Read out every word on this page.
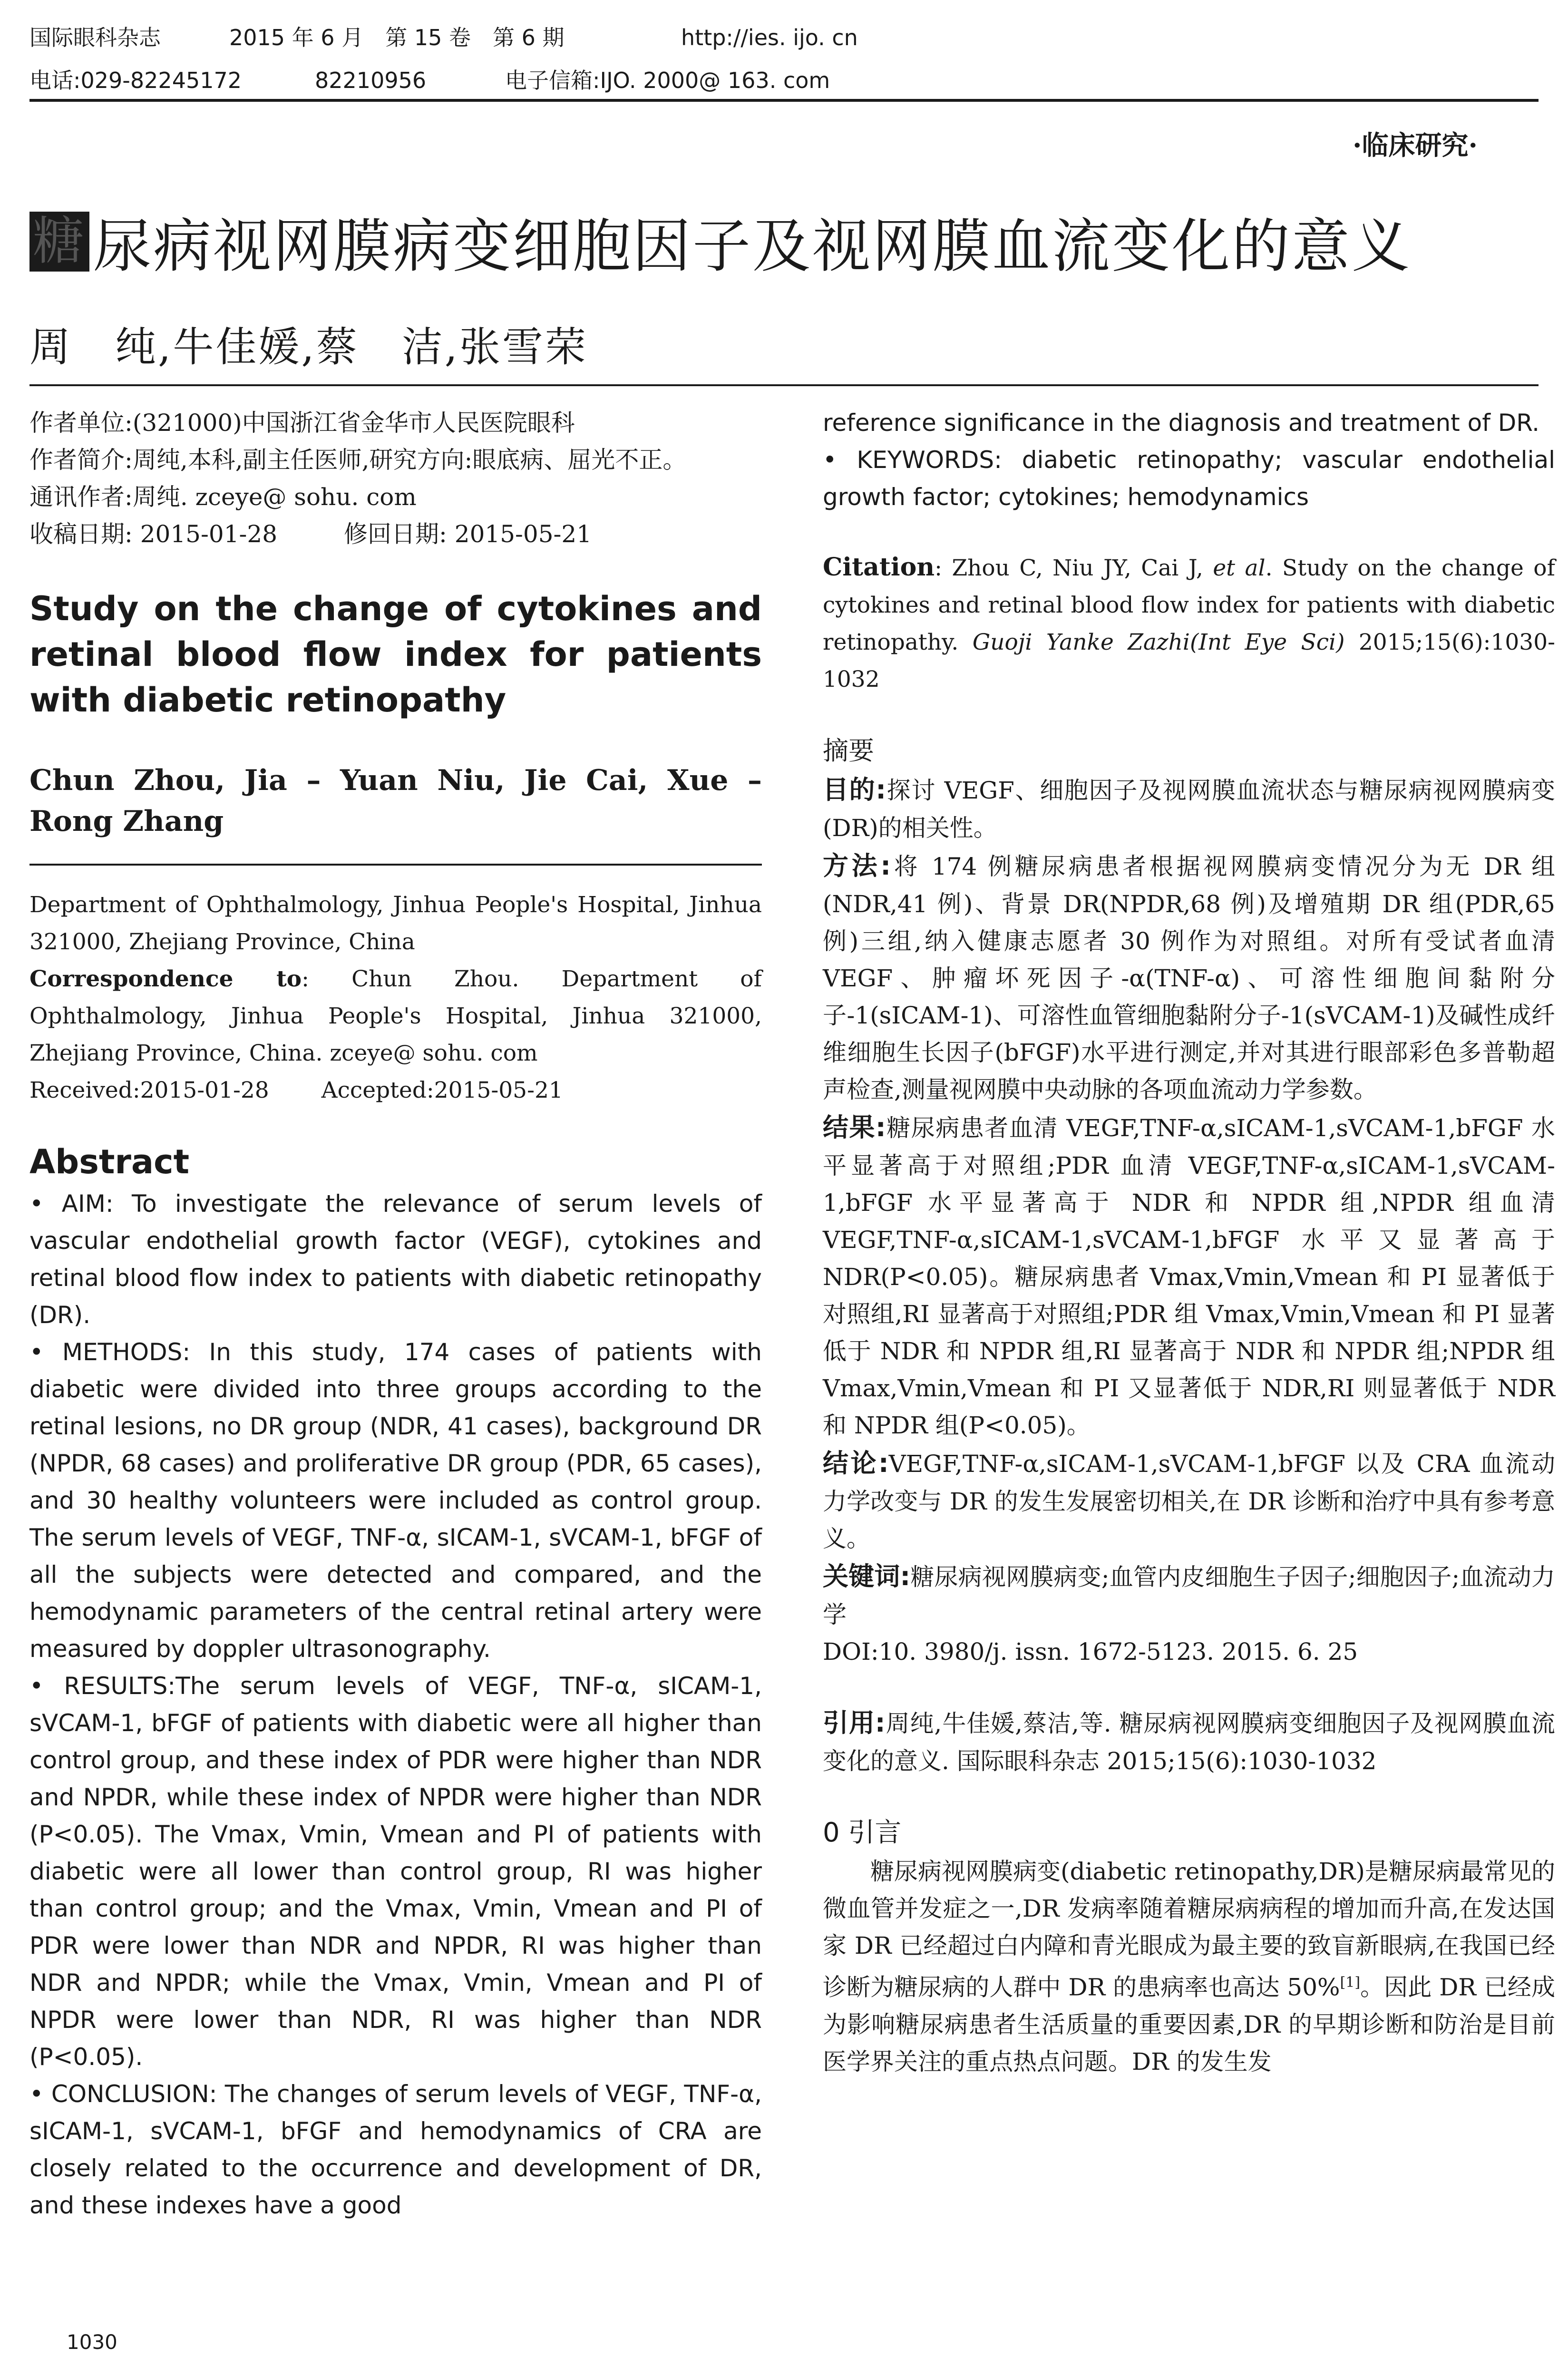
国际眼科杂志	2015 年 6 月　第 15 卷　第 6 期	http://ies. ijo. cn
电话:029-82245172	82210956	电子信箱:IJO. 2000@ 163. com
·临床研究·
糖 尿病视网膜病变细胞因子及视网膜血流变化的意义
周　纯,牛佳媛,蔡　洁,张雪荣

作者单位:(321000)中国浙江省金华市人民医院眼科

作者简介:周纯,本科,副主任医师,研究方向:眼底病、屈光不正。

通讯作者:周纯. zceye@ sohu. com

收稿日期: 2015-01-28	修回日期: 2015-05-21

Study on the change of cytokines and retinal blood flow index for patients with diabetic retinopathy

Chun Zhou, Jia – Yuan Niu, Jie Cai, Xue – Rong Zhang

Department of Ophthalmology, Jinhua People's Hospital, Jinhua 321000, Zhejiang Province, China

Correspondence to: Chun Zhou. Department of Ophthalmology, Jinhua People's Hospital, Jinhua 321000, Zhejiang Province, China. zceye@ sohu. com

Received:2015-01-28 Accepted:2015-05-21

Abstract

• AIM: To investigate the relevance of serum levels of vascular endothelial growth factor (VEGF), cytokines and retinal blood flow index to patients with diabetic retinopathy (DR).

• METHODS: In this study, 174 cases of patients with diabetic were divided into three groups according to the retinal lesions, no DR group (NDR, 41 cases), background DR (NPDR, 68 cases) and proliferative DR group (PDR, 65 cases), and 30 healthy volunteers were included as control group. The serum levels of VEGF, TNF-α, sICAM-1, sVCAM-1, bFGF of all the subjects were detected and compared, and the hemodynamic parameters of the central retinal artery were measured by doppler ultrasonography.

• RESULTS:The serum levels of VEGF, TNF-α, sICAM-1, sVCAM-1, bFGF of patients with diabetic were all higher than control group, and these index of PDR were higher than NDR and NPDR, while these index of NPDR were higher than NDR (P<0.05). The Vmax, Vmin, Vmean and PI of patients with diabetic were all lower than control group, RI was higher than control group; and the Vmax, Vmin, Vmean and PI of PDR were lower than NDR and NPDR, RI was higher than NDR and NPDR; while the Vmax, Vmin, Vmean and PI of NPDR were lower than NDR, RI was higher than NDR (P<0.05).

• CONCLUSION: The changes of serum levels of VEGF, TNF-α, sICAM-1, sVCAM-1, bFGF and hemodynamics of CRA are closely related to the occurrence and development of DR, and these indexes have a good

reference significance in the diagnosis and treatment of DR.

• KEYWORDS: diabetic retinopathy; vascular endothelial growth factor; cytokines; hemodynamics

Citation: Zhou C, Niu JY, Cai J, et al. Study on the change of cytokines and retinal blood flow index for patients with diabetic retinopathy. Guoji Yanke Zazhi(Int Eye Sci) 2015;15(6):1030-1032

摘要

目的:探讨 VEGF、细胞因子及视网膜血流状态与糖尿病视网膜病变(DR)的相关性。

方法:将 174 例糖尿病患者根据视网膜病变情况分为无 DR 组(NDR,41 例)、背景 DR(NPDR,68 例)及增殖期 DR 组(PDR,65 例)三组,纳入健康志愿者 30 例作为对照组。对所有受试者血清 VEGF、肿瘤坏死因子-α(TNF-α)、可溶性细胞间黏附分子-1(sICAM-1)、可溶性血管细胞黏附分子-1(sVCAM-1)及碱性成纤维细胞生长因子(bFGF)水平进行测定,并对其进行眼部彩色多普勒超声检查,测量视网膜中央动脉的各项血流动力学参数。

结果:糖尿病患者血清 VEGF,TNF-α,sICAM-1,sVCAM-1,bFGF 水平显著高于对照组;PDR 血清 VEGF,TNF-α,sICAM-1,sVCAM-1,bFGF 水平显著高于 NDR 和 NPDR 组,NPDR 组血清 VEGF,TNF-α,sICAM-1,sVCAM-1,bFGF 水平又显著高于 NDR(P<0.05)。糖尿病患者 Vmax,Vmin,Vmean 和 PI 显著低于对照组,RI 显著高于对照组;PDR 组 Vmax,Vmin,Vmean 和 PI 显著低于 NDR 和 NPDR 组,RI 显著高于 NDR 和 NPDR 组;NPDR 组 Vmax,Vmin,Vmean 和 PI 又显著低于 NDR,RI 则显著低于 NDR 和 NPDR 组(P<0.05)。

结论:VEGF,TNF-α,sICAM-1,sVCAM-1,bFGF 以及 CRA 血流动力学改变与 DR 的发生发展密切相关,在 DR 诊断和治疗中具有参考意义。

关键词:糖尿病视网膜病变;血管内皮细胞生子因子;细胞因子;血流动力学

DOI:10. 3980/j. issn. 1672-5123. 2015. 6. 25

引用:周纯,牛佳媛,蔡洁,等. 糖尿病视网膜病变细胞因子及视网膜血流变化的意义. 国际眼科杂志 2015;15(6):1030-1032

0 引言

糖尿病视网膜病变(diabetic retinopathy,DR)是糖尿病最常见的微血管并发症之一,DR 发病率随着糖尿病病程的增加而升高,在发达国家 DR 已经超过白内障和青光眼成为最主要的致盲新眼病,在我国已经诊断为糖尿病的人群中 DR 的患病率也高达 50%[1]。因此 DR 已经成为影响糖尿病患者生活质量的重要因素,DR 的早期诊断和防治是目前医学界关注的重点热点问题。DR 的发生发

1030
